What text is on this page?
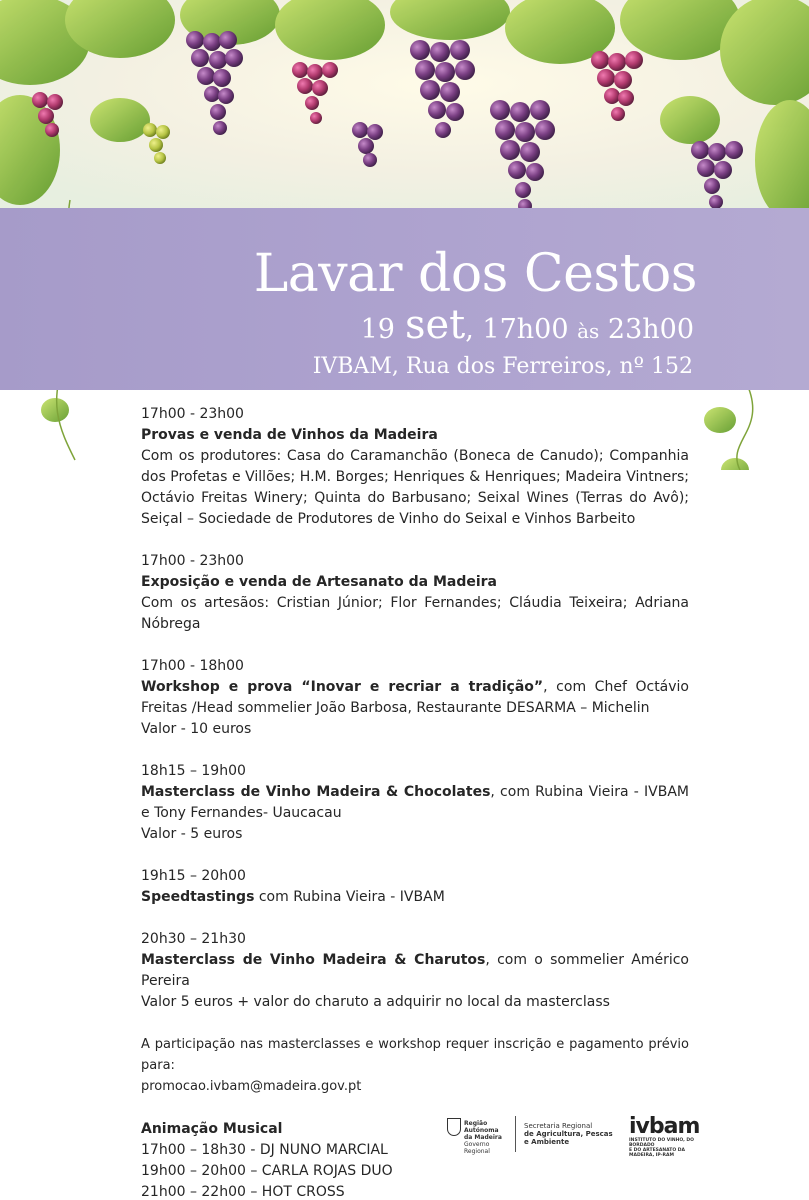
Lavar dos Cestos
19 set, 17h00 às 23h00
IVBAM, Rua dos Ferreiros, nº 152
17h00 - 23h00
Provas e venda de Vinhos da Madeira
Com os produtores: Casa do Caramanchão (Boneca de Canudo); Companhia dos Profetas e Villões; H.M. Borges; Henriques & Henriques; Madeira Vintners; Octávio Freitas Winery; Quinta do Barbusano; Seixal Wines (Terras do Avô); Seiçal – Sociedade de Produtores de Vinho do Seixal e Vinhos Barbeito
17h00 - 23h00
Exposição e venda de Artesanato da Madeira
Com os artesãos: Cristian Júnior; Flor Fernandes; Cláudia Teixeira; Adriana Nóbrega
17h00 - 18h00
Workshop e prova “Inovar e recriar a tradição”, com Chef Octávio Freitas /Head sommelier João Barbosa, Restaurante DESARMA – Michelin
Valor - 10 euros
18h15 – 19h00
Masterclass de Vinho Madeira & Chocolates, com Rubina Vieira - IVBAM e Tony Fernandes- Uaucacau
Valor - 5 euros
19h15 – 20h00
Speedtastings com Rubina Vieira - IVBAM
20h30 – 21h30
Masterclass de Vinho Madeira & Charutos, com o sommelier Américo Pereira
Valor 5 euros + valor do charuto a adquirir no local da masterclass
A participação nas masterclasses e workshop requer inscrição e pagamento prévio para:
promocao.ivbam@madeira.gov.pt
Animação Musical
17h00 – 18h30 - DJ NUNO MARCIAL
19h00 – 20h00 – CARLA ROJAS DUO
21h00 – 22h00 – HOT CROSS
Região Autónoma
da Madeira
Governo Regional
Secretaria Regional
de Agricultura, Pescas
e Ambiente
ivbam
INSTITUTO DO VINHO, DO BORDADO
E DO ARTESANATO DA MADEIRA, IP-RAM
